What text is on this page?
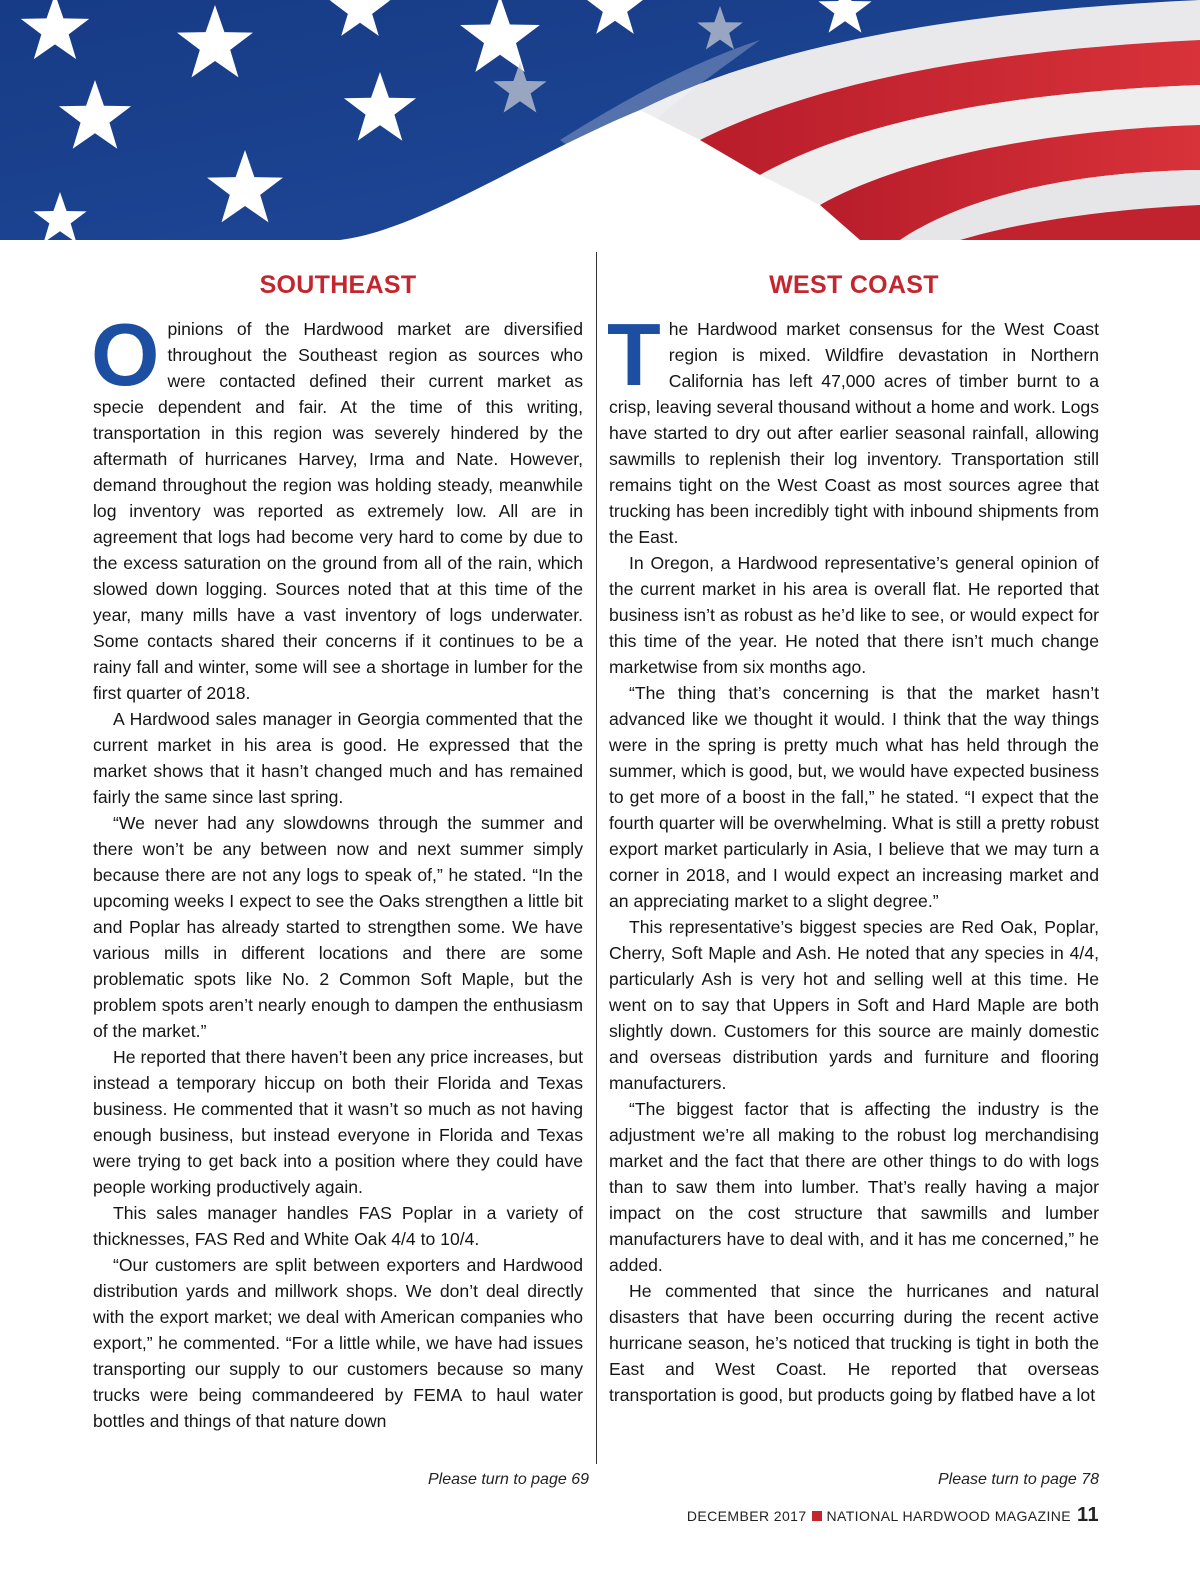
SOUTHEAST

Opinions of the Hardwood market are diversified throughout the Southeast region as sources who were contacted defined their current market as specie dependent and fair. At the time of this writing, transportation in this region was severely hindered by the aftermath of hurricanes Harvey, Irma and Nate. However, demand throughout the region was holding steady, meanwhile log inventory was reported as extremely low. All are in agreement that logs had become very hard to come by due to the excess saturation on the ground from all of the rain, which slowed down logging. Sources noted that at this time of the year, many mills have a vast inventory of logs underwater. Some contacts shared their concerns if it continues to be a rainy fall and winter, some will see a shortage in lumber for the first quarter of 2018.

A Hardwood sales manager in Georgia commented that the current market in his area is good. He expressed that the market shows that it hasn’t changed much and has remained fairly the same since last spring.

“We never had any slowdowns through the summer and there won’t be any between now and next summer simply because there are not any logs to speak of,” he stated. “In the upcoming weeks I expect to see the Oaks strengthen a little bit and Poplar has already started to strengthen some. We have various mills in different locations and there are some problematic spots like No. 2 Common Soft Maple, but the problem spots aren’t nearly enough to dampen the enthusiasm of the market.”

He reported that there haven’t been any price increases, but instead a temporary hiccup on both their Florida and Texas business. He commented that it wasn’t so much as not having enough business, but instead everyone in Florida and Texas were trying to get back into a position where they could have people working productively again.

This sales manager handles FAS Poplar in a variety of thicknesses, FAS Red and White Oak 4/4 to 10/4.

“Our customers are split between exporters and Hardwood distribution yards and millwork shops. We don’t deal directly with the export market; we deal with American companies who export,” he commented. “For a little while, we have had issues transporting our supply to our customers because so many trucks were being commandeered by FEMA to haul water bottles and things of that nature down

WEST COAST

The Hardwood market consensus for the West Coast region is mixed. Wildfire devastation in Northern California has left 47,000 acres of timber burnt to a crisp, leaving several thousand without a home and work. Logs have started to dry out after earlier seasonal rainfall, allowing sawmills to replenish their log inventory. Transportation still remains tight on the West Coast as most sources agree that trucking has been incredibly tight with inbound shipments from the East.

In Oregon, a Hardwood representative’s general opinion of the current market in his area is overall flat. He reported that business isn’t as robust as he’d like to see, or would expect for this time of the year. He noted that there isn’t much change marketwise from six months ago.

“The thing that’s concerning is that the market hasn’t advanced like we thought it would. I think that the way things were in the spring is pretty much what has held through the summer, which is good, but, we would have expected business to get more of a boost in the fall,” he stated. “I expect that the fourth quarter will be overwhelming. What is still a pretty robust export market particularly in Asia, I believe that we may turn a corner in 2018, and I would expect an increasing market and an appreciating market to a slight degree.”

This representative’s biggest species are Red Oak, Poplar, Cherry, Soft Maple and Ash. He noted that any species in 4/4, particularly Ash is very hot and selling well at this time. He went on to say that Uppers in Soft and Hard Maple are both slightly down. Customers for this source are mainly domestic and overseas distribution yards and furniture and flooring manufacturers.

“The biggest factor that is affecting the industry is the adjustment we’re all making to the robust log merchandising market and the fact that there are other things to do with logs than to saw them into lumber. That’s really having a major impact on the cost structure that sawmills and lumber manufacturers have to deal with, and it has me concerned,” he added.

He commented that since the hurricanes and natural disasters that have been occurring during the recent active hurricane season, he’s noticed that trucking is tight in both the East and West Coast. He reported that overseas transportation is good, but products going by flatbed have a lot

Please turn to page 69	Please turn to page 78
DECEMBER 2017 NATIONAL HARDWOOD MAGAZINE 11
